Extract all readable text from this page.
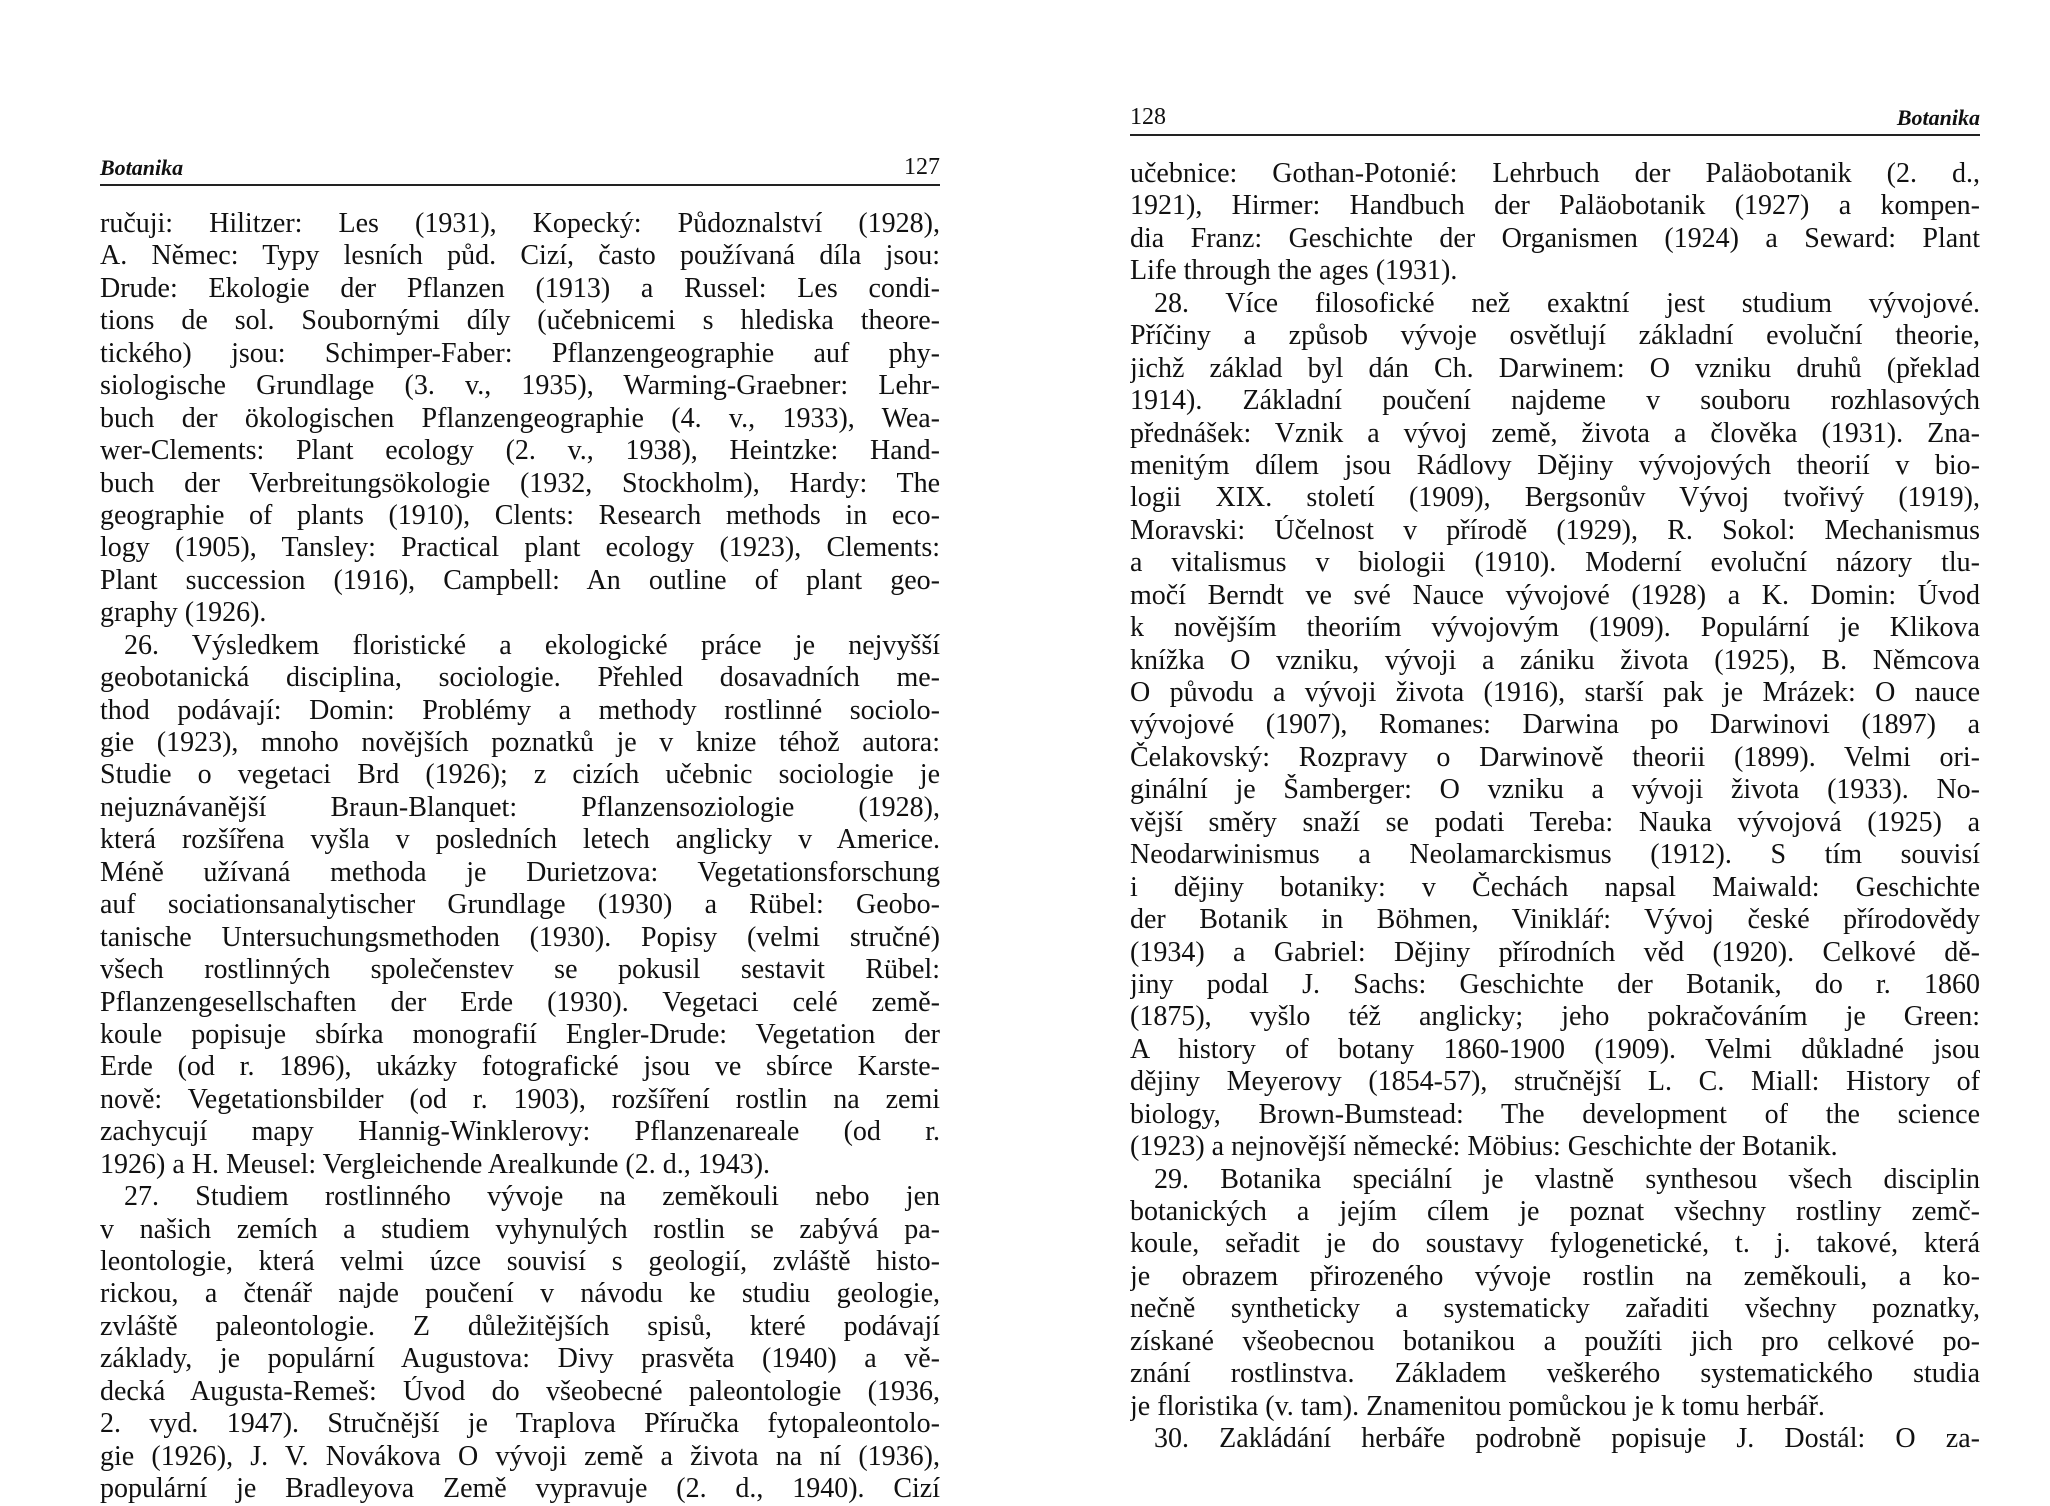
Botanika	127
ručuji: Hilitzer: Les (1931), Kopecký: Půdoznalství (1928),
A. Němec: Typy lesních půd. Cizí, často používaná díla jsou:
Drude: Ekologie der Pflanzen (1913) a Russel: Les condi-
tions de sol. Soubornými díly (učebnicemi s hlediska theore-
tického) jsou: Schimper-Faber: Pflanzengeographie auf phy-
siologische Grundlage (3. v., 1935), Warming-Graebner: Lehr-
buch der ökologischen Pflanzengeographie (4. v., 1933), Wea-
wer-Clements: Plant ecology (2. v., 1938), Heintzke: Hand-
buch der Verbreitungsökologie (1932, Stockholm), Hardy: The
geographie of plants (1910), Clents: Research methods in eco-
logy (1905), Tansley: Practical plant ecology (1923), Clements:
Plant succession (1916), Campbell: An outline of plant geo-
graphy (1926).
26. Výsledkem floristické a ekologické práce je nejvyšší
geobotanická disciplina, sociologie. Přehled dosavadních me-
thod podávají: Domin: Problémy a methody rostlinné sociolo-
gie (1923), mnoho novějších poznatků je v knize téhož autora:
Studie o vegetaci Brd (1926); z cizích učebnic sociologie je
nejuznávanější Braun-Blanquet: Pflanzensoziologie (1928),
která rozšířena vyšla v posledních letech anglicky v Americe.
Méně užívaná methoda je Durietzova: Vegetationsforschung
auf sociationsanalytischer Grundlage (1930) a Rübel: Geobo-
tanische Untersuchungsmethoden (1930). Popisy (velmi stručné)
všech rostlinných společenstev se pokusil sestavit Rübel:
Pflanzengesellschaften der Erde (1930). Vegetaci celé země-
koule popisuje sbírka monografií Engler-Drude: Vegetation der
Erde (od r. 1896), ukázky fotografické jsou ve sbírce Karste-
nově: Vegetationsbilder (od r. 1903), rozšíření rostlin na zemi
zachycují mapy Hannig-Winklerovy: Pflanzenareale (od r.
1926) a H. Meusel: Vergleichende Arealkunde (2. d., 1943).
27. Studiem rostlinného vývoje na zeměkouli nebo jen
v našich zemích a studiem vyhynulých rostlin se zabývá pa-
leontologie, která velmi úzce souvisí s geologií, zvláště histo-
rickou, a čtenář najde poučení v návodu ke studiu geologie,
zvláště paleontologie. Z důležitějších spisů, které podávají
základy, je populární Augustova: Divy prasvěta (1940) a vě-
decká Augusta-Remeš: Úvod do všeobecné paleontologie (1936,
2. vyd. 1947). Stručnější je Traplova Příručka fytopaleontolo-
gie (1926), J. V. Novákova O vývoji země a života na ní (1936),
populární je Bradleyova Země vypravuje (2. d., 1940). Cizí
128	Botanika
učebnice: Gothan-Potonié: Lehrbuch der Paläobotanik (2. d.,
1921), Hirmer: Handbuch der Paläobotanik (1927) a kompen-
dia Franz: Geschichte der Organismen (1924) a Seward: Plant
Life through the ages (1931).
28. Více filosofické než exaktní jest studium vývojové.
Příčiny a způsob vývoje osvětlují základní evoluční theorie,
jichž základ byl dán Ch. Darwinem: O vzniku druhů (překlad
1914). Základní poučení najdeme v souboru rozhlasových
přednášek: Vznik a vývoj země, života a člověka (1931). Zna-
menitým dílem jsou Rádlovy Dějiny vývojových theorií v bio-
logii XIX. století (1909), Bergsonův Vývoj tvořivý (1919),
Moravski: Účelnost v přírodě (1929), R. Sokol: Mechanismus
a vitalismus v biologii (1910). Moderní evoluční názory tlu-
močí Berndt ve své Nauce vývojové (1928) a K. Domin: Úvod
k novějším theoriím vývojovým (1909). Populární je Klikova
knížka O vzniku, vývoji a zániku života (1925), B. Němcova
O původu a vývoji života (1916), starší pak je Mrázek: O nauce
vývojové (1907), Romanes: Darwina po Darwinovi (1897) a
Čelakovský: Rozpravy o Darwinově theorii (1899). Velmi ori-
ginální je Šamberger: O vzniku a vývoji života (1933). No-
vější směry snaží se podati Tereba: Nauka vývojová (1925) a
Neodarwinismus a Neolamarckismus (1912). S tím souvisí
i dějiny botaniky: v Čechách napsal Maiwald: Geschichte
der Botanik in Böhmen, Vinikláŕ: Vývoj české přírodovědy
(1934) a Gabriel: Dějiny přírodních věd (1920). Celkové dě-
jiny podal J. Sachs: Geschichte der Botanik, do r. 1860
(1875), vyšlo též anglicky; jeho pokračováním je Green:
A history of botany 1860-1900 (1909). Velmi důkladné jsou
dějiny Meyerovy (1854-57), stručnější L. C. Miall: History of
biology, Brown-Bumstead: The development of the science
(1923) a nejnovější německé: Möbius: Geschichte der Botanik.
29. Botanika speciální je vlastně synthesou všech disciplin
botanických a jejím cílem je poznat všechny rostliny zemč-
koule, seřadit je do soustavy fylogenetické, t. j. takové, která
je obrazem přirozeného vývoje rostlin na zeměkouli, a ko-
nečně syntheticky a systematicky zařaditi všechny poznatky,
získané všeobecnou botanikou a použíti jich pro celkové po-
znání rostlinstva. Základem veškerého systematického studia
je floristika (v. tam). Znamenitou pomůckou je k tomu herbář.
30. Zakládání herbáře podrobně popisuje J. Dostál: O za-
